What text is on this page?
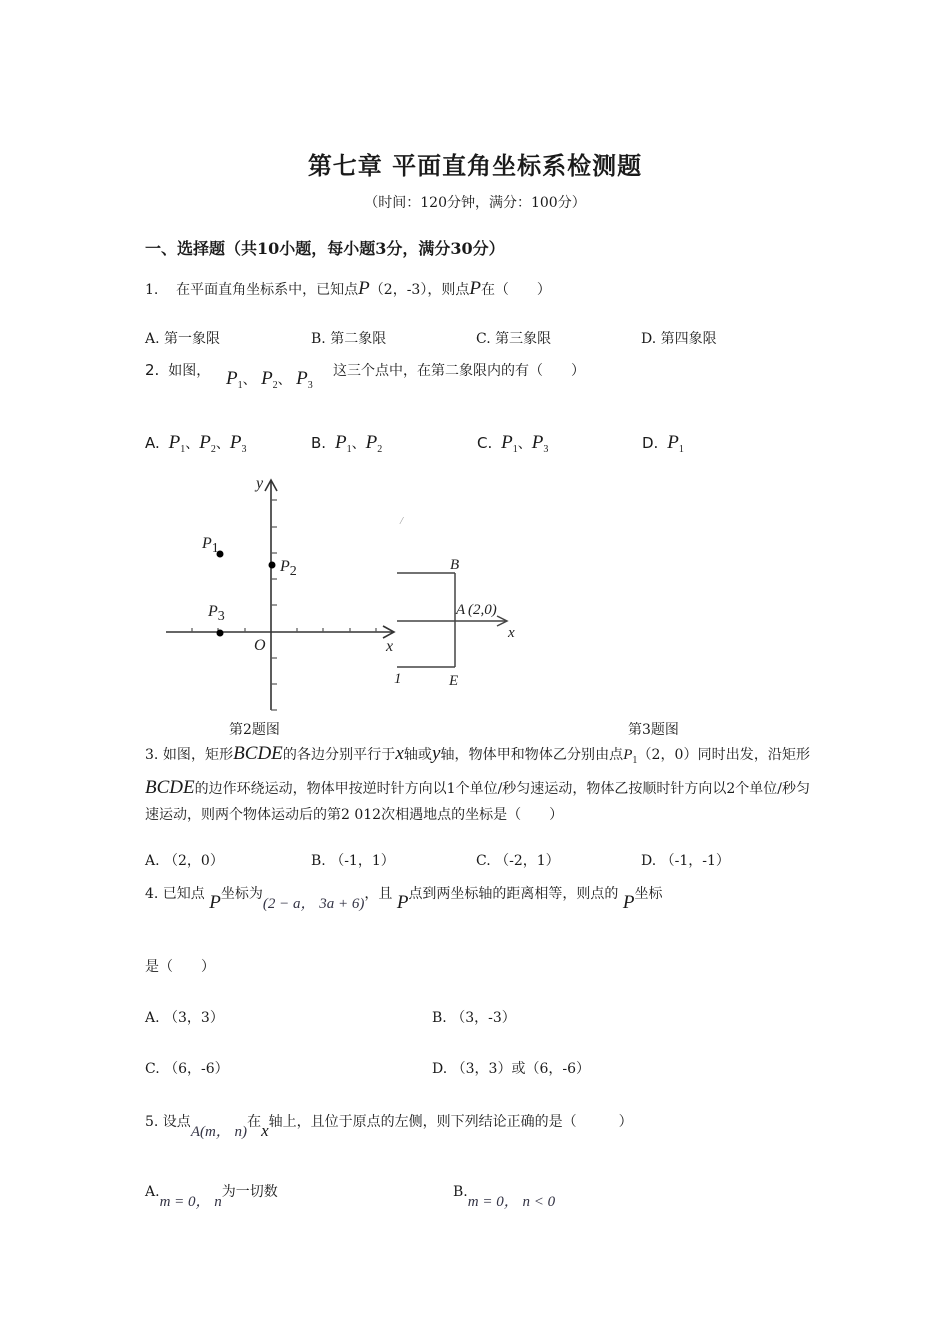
第七章 平面直角坐标系检测题
（时间：120分钟，满分：100分）
一、选择题（共10小题，每小题3分，满分30分）
1. 在平面直角坐标系中，已知点P（2，-3），则点P在（　　）
A. 第一象限	B. 第二象限	C. 第三象限	D. 第四象限
2. 如图， $P_1$、 $P_2$、 $P_3$
这三个点中，在第二象限内的有（　　）
A. $P_1$、$P_2$、$P_3$	B. $P_1$、$P_2$	C. $P_1$、$P_3$	D. $P_1$
P1
P2
P3
O	x
y
/
B
A (2,0)
x
1	E
第2题图	第3题图
3. 如图，矩形BCDE的各边分别平行于x轴或y轴，物体甲和物体乙分别由点$P_1(2$，0）同时出发，沿矩形BCDE的边作环绕运动，物体甲按逆时针方向以1个单位/秒匀速运动，物体乙按顺时针方向以2个单位/秒匀速运动，则两个物体运动后的第2 012次相遇地点的坐标是（　　）
A. （2，0）	B. （-1，1）	C. （-2，1）	D. （-1，-1）
4. 已知点 P坐标为(2 − a， 3a + 6)，且 P点到两坐标轴的距离相等，则点的 P坐标
是（　　）
A. （3，3）	B. （3，-3）
C. （6，-6）	D. （3，3）或（6，-6）
5. 设点A(m， n)在x轴上，且位于原点的左侧，则下列结论正确的是（　　　）
A.m = 0， n为一切数	B.m = 0， n < 0
